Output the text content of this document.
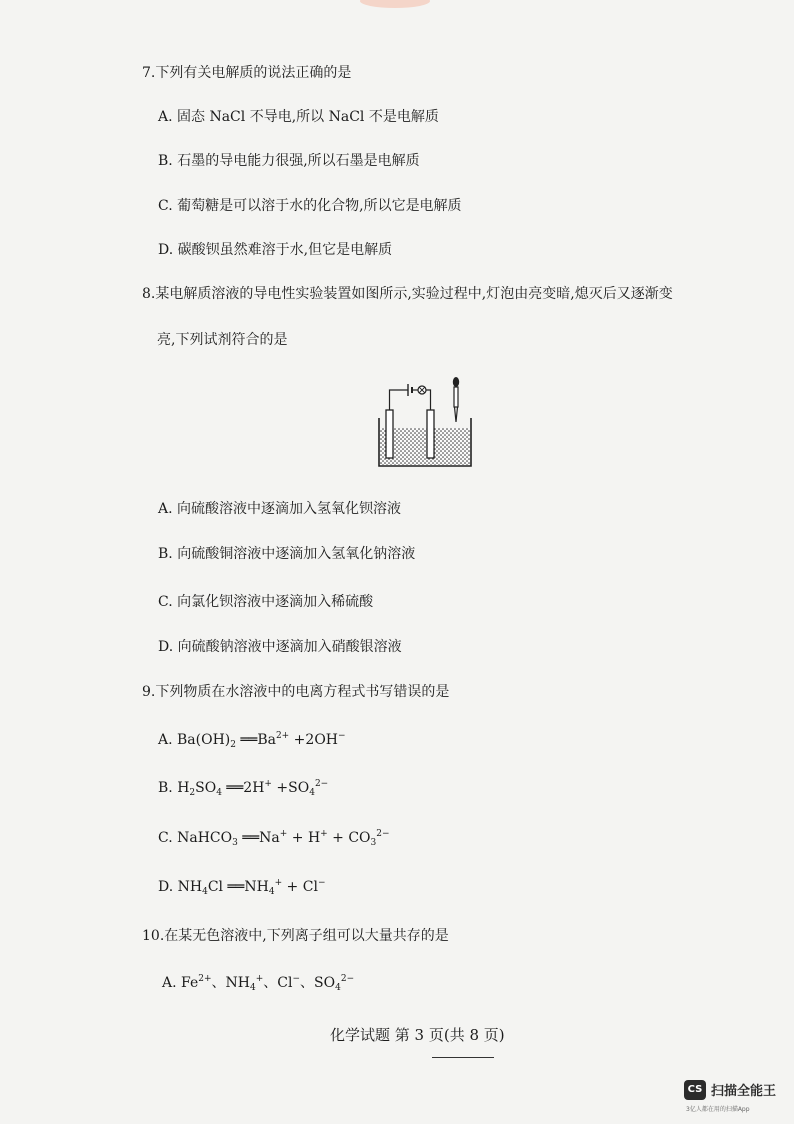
7.下列有关电解质的说法正确的是
A. 固态 NaCl 不导电,所以 NaCl 不是电解质
B. 石墨的导电能力很强,所以石墨是电解质
C. 葡萄糖是可以溶于水的化合物,所以它是电解质
D. 碳酸钡虽然难溶于水,但它是电解质
8.某电解质溶液的导电性实验装置如图所示,实验过程中,灯泡由亮变暗,熄灭后又逐渐变
亮,下列试剂符合的是
A. 向硫酸溶液中逐滴加入氢氧化钡溶液
B. 向硫酸铜溶液中逐滴加入氢氧化钠溶液
C. 向氯化钡溶液中逐滴加入稀硫酸
D. 向硫酸钠溶液中逐滴加入硝酸银溶液
9.下列物质在水溶液中的电离方程式书写错误的是
A. $Ba(OH)_2$ $══Ba^{2+} +2OH^-$
B. $H_2SO_4$ ══2H+ $+SO_4^{2-}$
C. NaHCO$_3$ ══Na+ + $H^+ + CO_3^{2-}$
D. $NH_4Cl$ $══NH_4^+ + Cl^-$
10.在某无色溶液中,下列离子组可以大量共存的是
A. $Fe^{2+}$、$NH_4^+$、Cl−、$SO_4^{2-}$
化学试题 第 3 页(共 8 页)
CS 扫描全能王
3亿人都在用的扫描App
